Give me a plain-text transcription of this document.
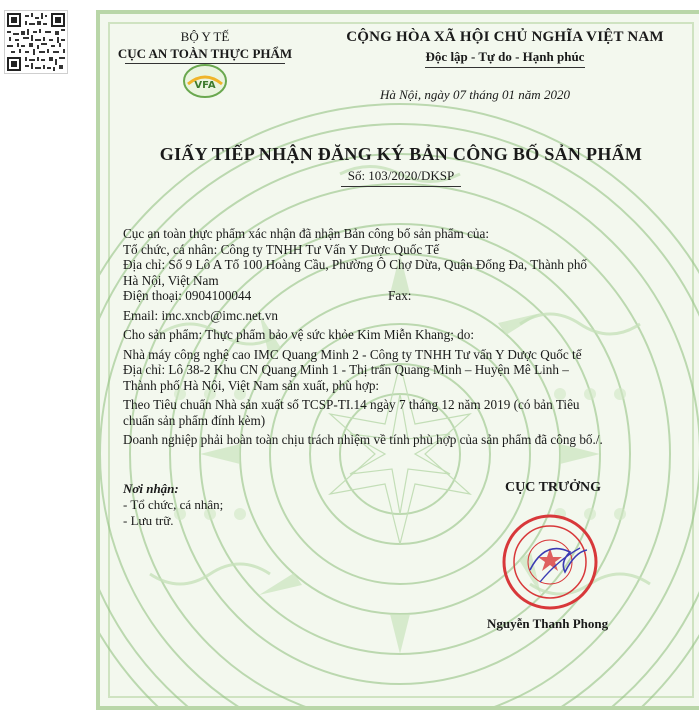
BỘ Y TẾ
CỤC AN TOÀN THỰC PHẨM
VFA
CỘNG HÒA XÃ HỘI CHỦ NGHĨA VIỆT NAM
Độc lập - Tự do - Hạnh phúc
Hà Nội, ngày 07 tháng 01 năm 2020
GIẤY TIẾP NHẬN ĐĂNG KÝ BẢN CÔNG BỐ SẢN PHẨM
Số: 103/2020/DKSP

Cục an toàn thực phẩm xác nhận đã nhận Bản công bố sản phẩm của:

Tổ chức, cá nhân: Công ty TNHH Tư Vấn Y Dược Quốc Tế

Địa chỉ: Số 9 Lô A Tổ 100 Hoàng Cầu, Phường Ô Chợ Dừa, Quận Đống Đa, Thành phố

Hà Nội, Việt Nam

Điện thoại: 0904100044	Fax:

Email: imc.xncb@imc.net.vn

Cho sản phẩm: Thực phẩm bảo vệ sức khỏe Kim Miễn Khang; do:

Nhà máy công nghệ cao IMC Quang Minh 2 - Công ty TNHH Tư vấn Y Dược Quốc tế

Địa chỉ: Lô 38-2 Khu CN Quang Minh 1 - Thị trấn Quang Minh – Huyện Mê Linh –

Thành phố Hà Nội, Việt Nam sản xuất, phù hợp:

Theo Tiêu chuẩn Nhà sản xuất số TCSP-TI.14 ngày 7 tháng 12 năm 2019 (có bản Tiêu

chuẩn sản phẩm đính kèm)

Doanh nghiệp phải hoàn toàn chịu trách nhiệm về tính phù hợp của sản phẩm đã công bố./.

Nơi nhận:
- Tổ chức, cá nhân;
- Lưu trữ.
CỤC TRƯỞNG
Nguyễn Thanh Phong
